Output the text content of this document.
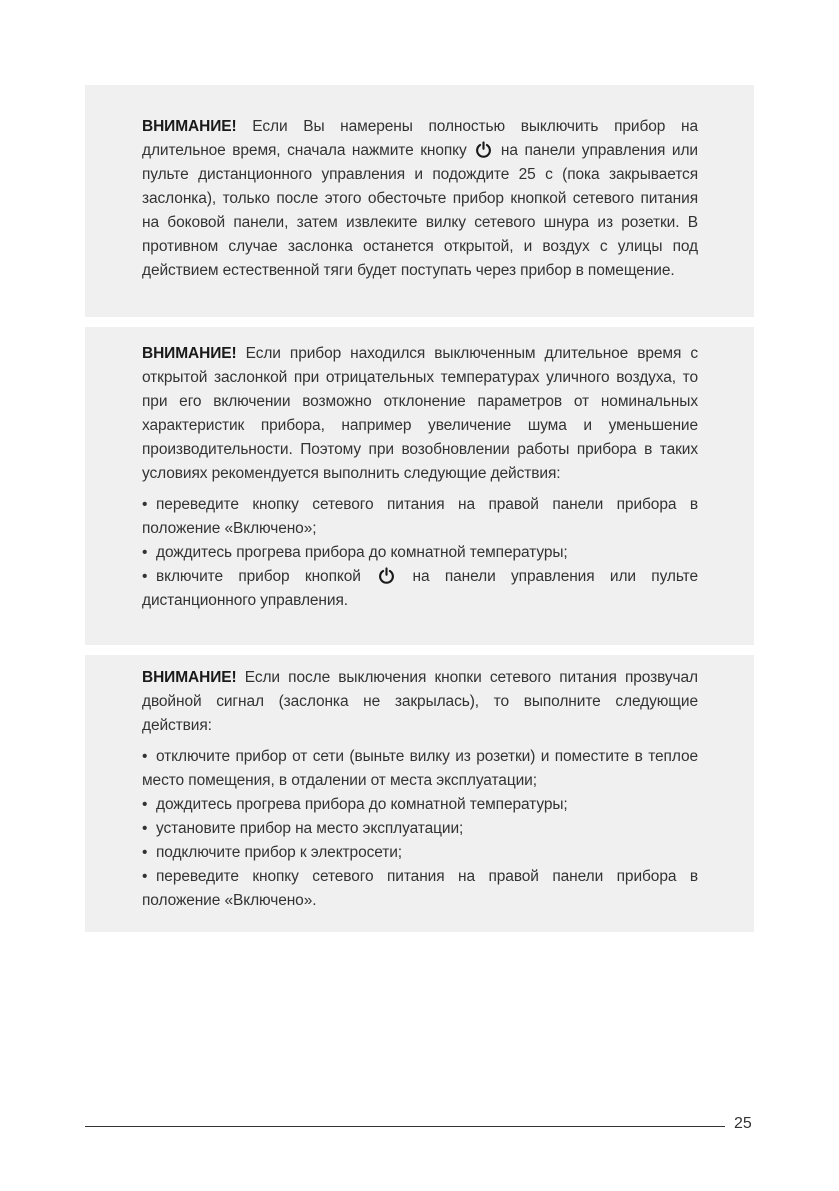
ВНИМАНИЕ! Если Вы намерены полностью выключить прибор на длительное время, сначала нажмите кнопку на панели управления или пульте дистанционного управления и подождите 25 с (пока закрывается заслонка), только после этого обесточьте прибор кнопкой сетевого питания на боковой панели, затем извлеките вилку сетевого шнура из розетки. В противном случае заслонка останется открытой, и воздух с улицы под действием естественной тяги будет поступать через прибор в помещение.

ВНИМАНИЕ! Если прибор находился выключенным длительное время с открытой заслонкой при отрицательных температурах уличного воздуха, то при его включении возможно отклонение параметров от номинальных характеристик прибора, например увеличение шума и уменьшение производительности. Поэтому при возобновлении работы прибора в таких условиях рекомендуется выполнить следующие действия:

• переведите кнопку сетевого питания на правой панели прибора в положение «Включено»;
• дождитесь прогрева прибора до комнатной температуры;
• включите прибор кнопкой	на панели управления или пульте дистанционного управления.

ВНИМАНИЕ! Если после выключения кнопки сетевого питания прозвучал двойной сигнал (заслонка не закрылась), то выполните следующие действия:

• отключите прибор от сети (выньте вилку из розетки) и поместите в теплое место помещения, в отдалении от места эксплуатации;
• дождитесь прогрева прибора до комнатной температуры;
• установите прибор на место эксплуатации;
• подключите прибор к электросети;
• переведите кнопку сетевого питания на правой панели прибора в положение «Включено».
25
